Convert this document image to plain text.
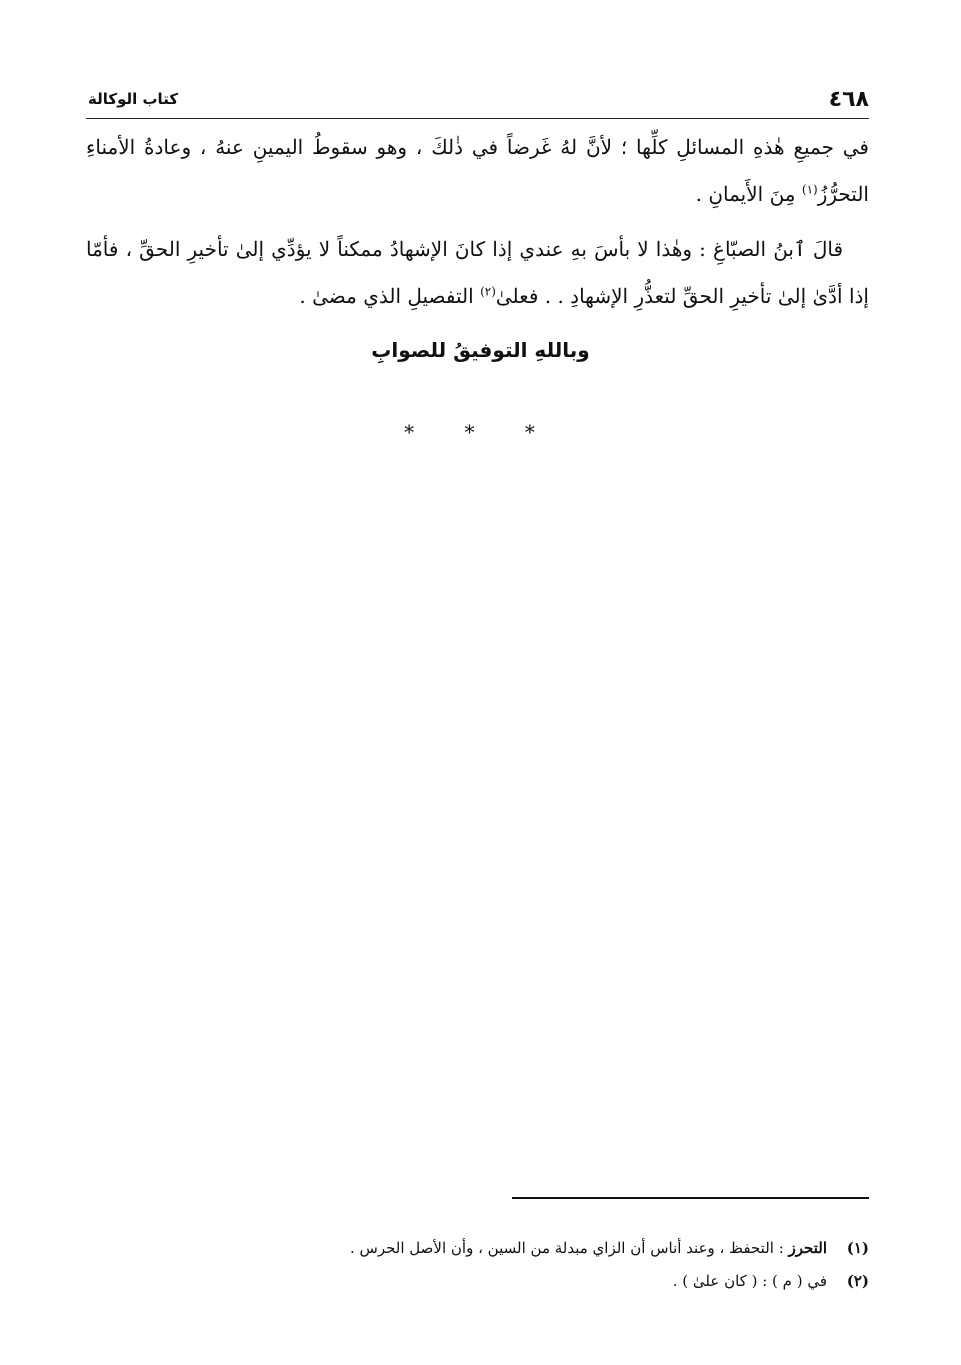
٤٦٨
كتاب الوكالة

في جميعِ هٰذهِ المسائلِ كلِّها ؛ لأنَّ لهُ غَرضاً في ذٰلكَ ، وهو سقوطُ اليمينِ عنهُ ، وعادةُ الأمناءِ التحرُّزُ$^{(١)}$ مِنَ الأَيمانِ .

قالَ ٱبنُ الصبّاغِ : وهٰذا لا بأسَ بهِ عندي إذا كانَ الإشهادُ ممكناً لا يؤدِّي إلىٰ تأخيرِ الحقِّ ، فأمّا إذا أدَّىٰ إلىٰ تأخيرِ الحقِّ لتعذُّرِ الإشهادِ . . فعلىٰ$^{(٢)}$ التفصيلِ الذي مضىٰ .

وباللهِ التوفيقُ للصوابِ
* * *
(١)
التحرز : التحفظ ، وعند أناس أن الزاي مبدلة من السين ، وأن الأصل الحرس .
(٢)
في ( م ) : ( كان علىٰ ) .
